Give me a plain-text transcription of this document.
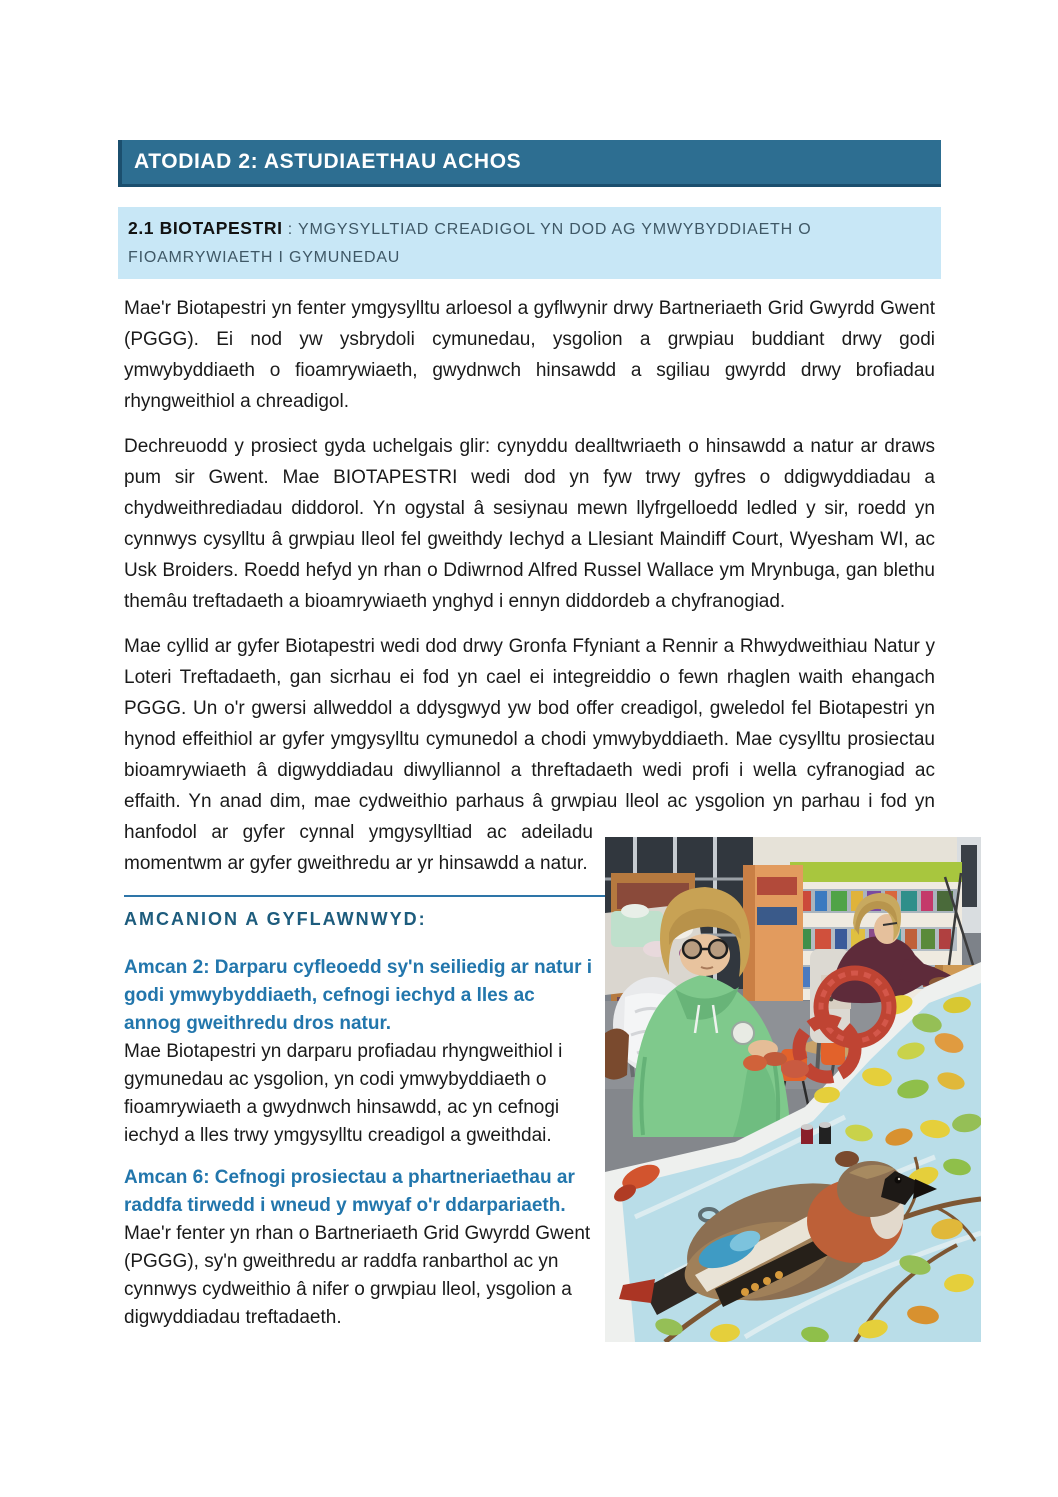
ATODIAD 2: ASTUDIAETHAU ACHOS
2.1 BIOTAPESTRI : YMGYSYLLTIAD CREADIGOL YN DOD AG YMWYBYDDIAETH O FIOAMRYWIAETH I GYMUNEDAU

Mae'r Biotapestri yn fenter ymgysylltu arloesol a gyflwynir drwy Bartneriaeth Grid Gwyrdd Gwent (PGGG). Ei nod yw ysbrydoli cymunedau, ysgolion a grwpiau buddiant drwy godi ymwybyddiaeth o fioamrywiaeth, gwydnwch hinsawdd a sgiliau gwyrdd drwy brofiadau rhyngweithiol a chreadigol.

Dechreuodd y prosiect gyda uchelgais glir: cynyddu dealltwriaeth o hinsawdd a natur ar draws pum sir Gwent. Mae BIOTAPESTRI wedi dod yn fyw trwy gyfres o ddigwyddiadau a chydweithrediadau diddorol. Yn ogystal â sesiynau mewn llyfrgelloedd ledled y sir, roedd yn cynnwys cysylltu â grwpiau lleol fel gweithdy Iechyd a Llesiant Maindiff Court, Wyesham WI, ac Usk Broiders. Roedd hefyd yn rhan o Ddiwrnod Alfred Russel Wallace ym Mrynbuga, gan blethu themâu treftadaeth a bioamrywiaeth ynghyd i ennyn diddordeb a chyfranogiad.

Mae cyllid ar gyfer Biotapestri wedi dod drwy Gronfa Ffyniant a Rennir a Rhwydweithiau Natur y Loteri Treftadaeth, gan sicrhau ei fod yn cael ei integreiddio o fewn rhaglen waith ehangach PGGG. Un o'r gwersi allweddol a ddysgwyd yw bod offer creadigol, gweledol fel Biotapestri yn hynod effeithiol ar gyfer ymgysylltu cymunedol a chodi ymwybyddiaeth. Mae cysylltu prosiectau bioamrywiaeth â digwyddiadau diwylliannol a threftadaeth wedi profi i wella cyfranogiad ac effaith. Yn anad dim, mae cydweithio parhaus â grwpiau lleol ac ysgolion yn parhau i fod yn hanfodol ar gyfer cynnal ymgysylltiad ac adeiladu momentwm ar gyfer gweithredu ar yr hinsawdd a natur.

AMCANION A GYFLAWNWYD:

Amcan 2: Darparu cyfleoedd sy'n seiliedig ar natur i godi ymwybyddiaeth, cefnogi iechyd a lles ac annog gweithredu dros natur.

Mae Biotapestri yn darparu profiadau rhyngweithiol i gymunedau ac ysgolion, yn codi ymwybyddiaeth o fioamrywiaeth a gwydnwch hinsawdd, ac yn cefnogi iechyd a lles trwy ymgysylltu creadigol a gweithdai.

Amcan 6: Cefnogi prosiectau a phartneriaethau ar raddfa tirwedd i wneud y mwyaf o'r ddarpariaeth.

Mae'r fenter yn rhan o Bartneriaeth Grid Gwyrdd Gwent (PGGG), sy'n gweithredu ar raddfa ranbarthol ac yn cynnwys cydweithio â nifer o grwpiau lleol, ysgolion a digwyddiadau treftadaeth.
